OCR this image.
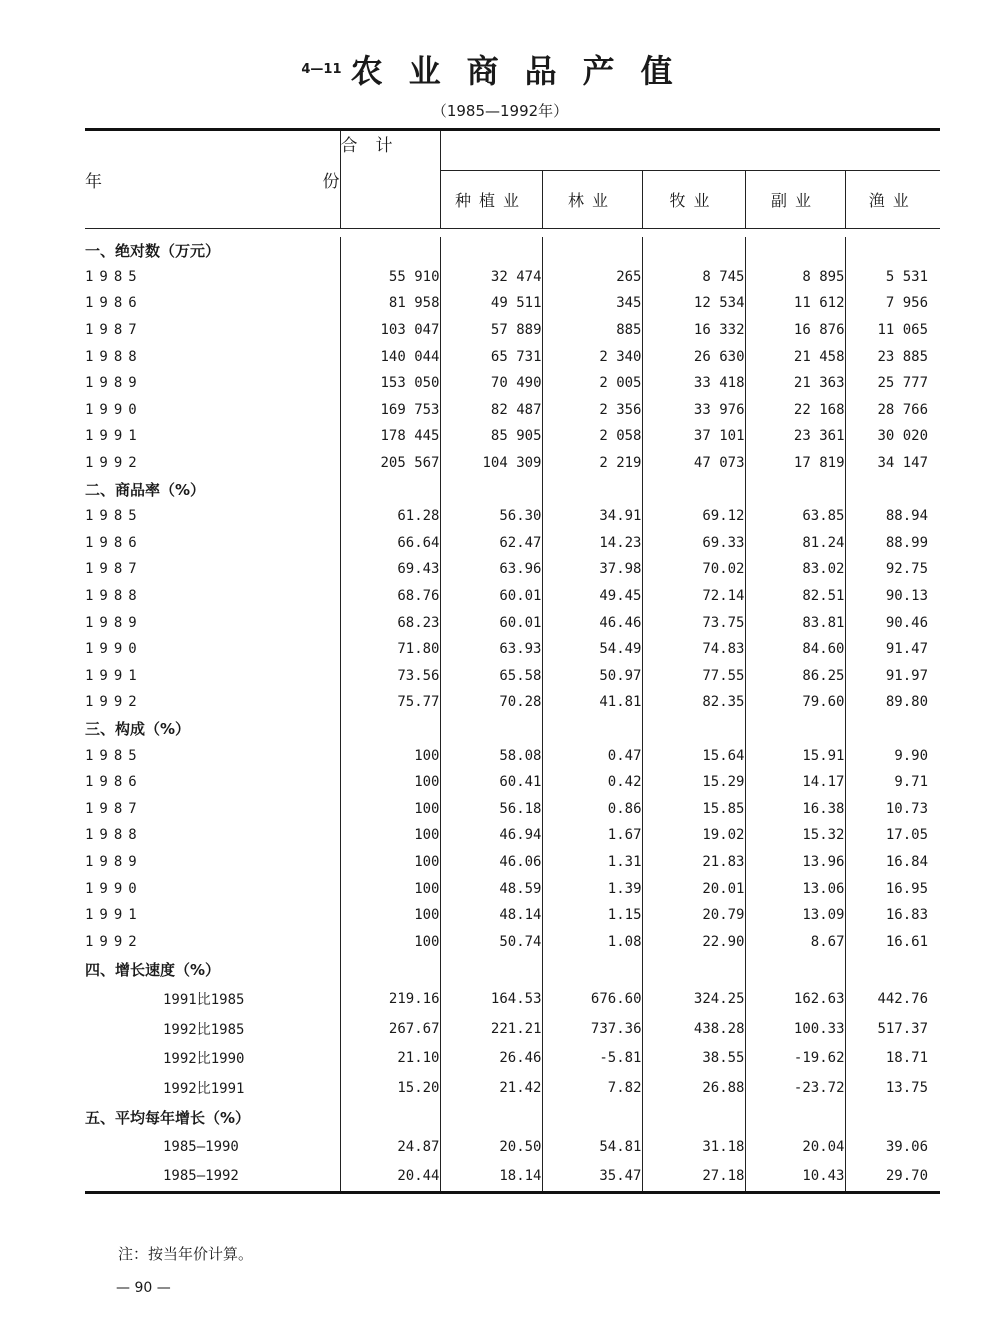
4—11 农业商品产值
（1985—1992年）
年 份	合计					
		种植业	林业	牧业	副业	渔业

一、绝对数（万元）						
1985	55 910	32 474	265	8 745	8 895	5 531
1986	81 958	49 511	345	12 534	11 612	7 956
1987	103 047	57 889	885	16 332	16 876	11 065
1988	140 044	65 731	2 340	26 630	21 458	23 885
1989	153 050	70 490	2 005	33 418	21 363	25 777
1990	169 753	82 487	2 356	33 976	22 168	28 766
1991	178 445	85 905	2 058	37 101	23 361	30 020
1992	205 567	104 309	2 219	47 073	17 819	34 147
二、商品率（%）						
1985	61.28	56.30	34.91	69.12	63.85	88.94
1986	66.64	62.47	14.23	69.33	81.24	88.99
1987	69.43	63.96	37.98	70.02	83.02	92.75
1988	68.76	60.01	49.45	72.14	82.51	90.13
1989	68.23	60.01	46.46	73.75	83.81	90.46
1990	71.80	63.93	54.49	74.83	84.60	91.47
1991	73.56	65.58	50.97	77.55	86.25	91.97
1992	75.77	70.28	41.81	82.35	79.60	89.80
三、构成（%）						
1985	100	58.08	0.47	15.64	15.91	9.90
1986	100	60.41	0.42	15.29	14.17	9.71
1987	100	56.18	0.86	15.85	16.38	10.73
1988	100	46.94	1.67	19.02	15.32	17.05
1989	100	46.06	1.31	21.83	13.96	16.84
1990	100	48.59	1.39	20.01	13.06	16.95
1991	100	48.14	1.15	20.79	13.09	16.83
1992	100	50.74	1.08	22.90	8.67	16.61
四、增长速度（%）						
1991比1985	219.16	164.53	676.60	324.25	162.63	442.76
1992比1985	267.67	221.21	737.36	438.28	100.33	517.37
1992比1990	21.10	26.46	-5.81	38.55	-19.62	18.71
1992比1991	15.20	21.42	7.82	26.88	-23.72	13.75
五、平均每年增长（%）						
1985—1990	24.87	20.50	54.81	31.18	20.04	39.06
1985—1992	20.44	18.14	35.47	27.18	10.43	29.70
注：按当年价计算。
— 90 —
